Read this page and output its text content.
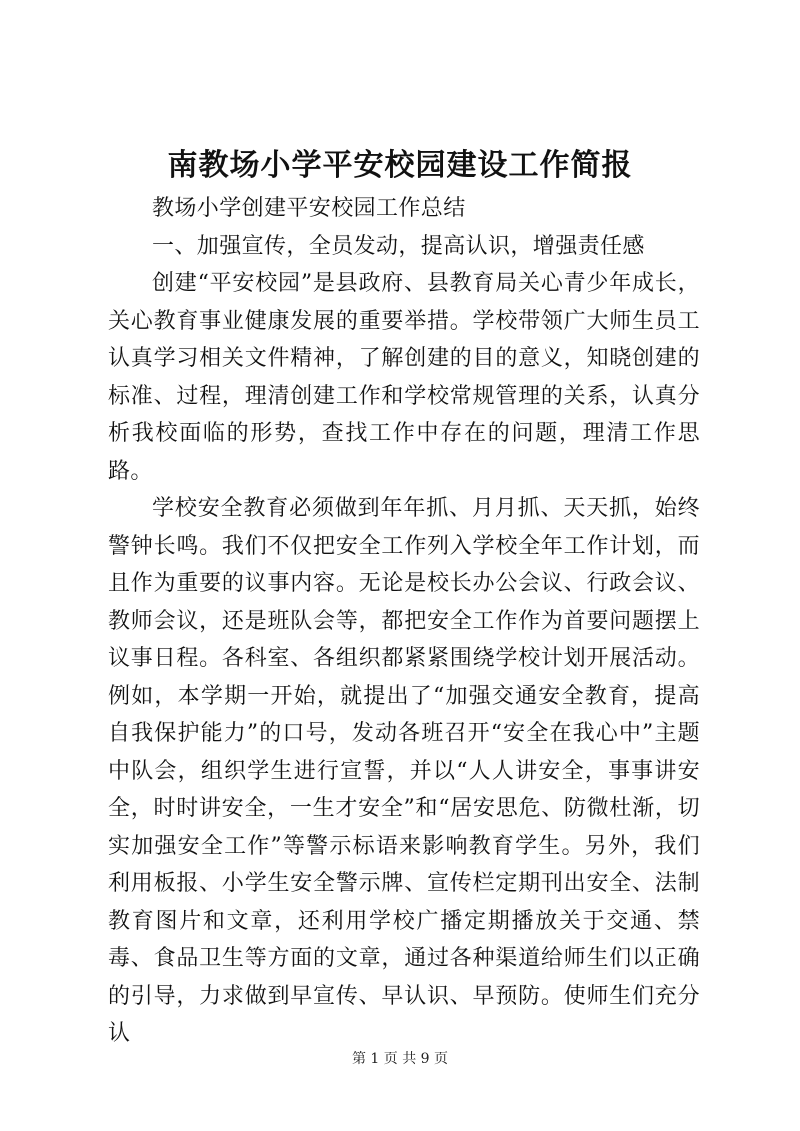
南教场小学平安校园建设工作简报

教场小学创建平安校园工作总结

一、加强宣传，全员发动，提高认识，增强责任感

创建“平安校园”是县政府、县教育局关心青少年成长，关心教育事业健康发展的重要举措。学校带领广大师生员工认真学习相关文件精神，了解创建的目的意义，知晓创建的标准、过程，理清创建工作和学校常规管理的关系，认真分析我校面临的形势，查找工作中存在的问题，理清工作思路。

学校安全教育必须做到年年抓、月月抓、天天抓，始终警钟长鸣。我们不仅把安全工作列入学校全年工作计划，而且作为重要的议事内容。无论是校长办公会议、行政会议、教师会议，还是班队会等，都把安全工作作为首要问题摆上议事日程。各科室、各组织都紧紧围绕学校计划开展活动。例如，本学期一开始，就提出了“加强交通安全教育，提高自我保护能力”的口号，发动各班召开“安全在我心中”主题中队会，组织学生进行宣誓，并以“人人讲安全，事事讲安全，时时讲安全，一生才安全”和“居安思危、防微杜渐，切实加强安全工作”等警示标语来影响教育学生。另外，我们利用板报、小学生安全警示牌、宣传栏定期刊出安全、法制教育图片和文章，还利用学校广播定期播放关于交通、禁毒、食品卫生等方面的文章，通过各种渠道给师生们以正确的引导，力求做到早宣传、早认识、早预防。使师生们充分认

第 1 页 共 9 页
